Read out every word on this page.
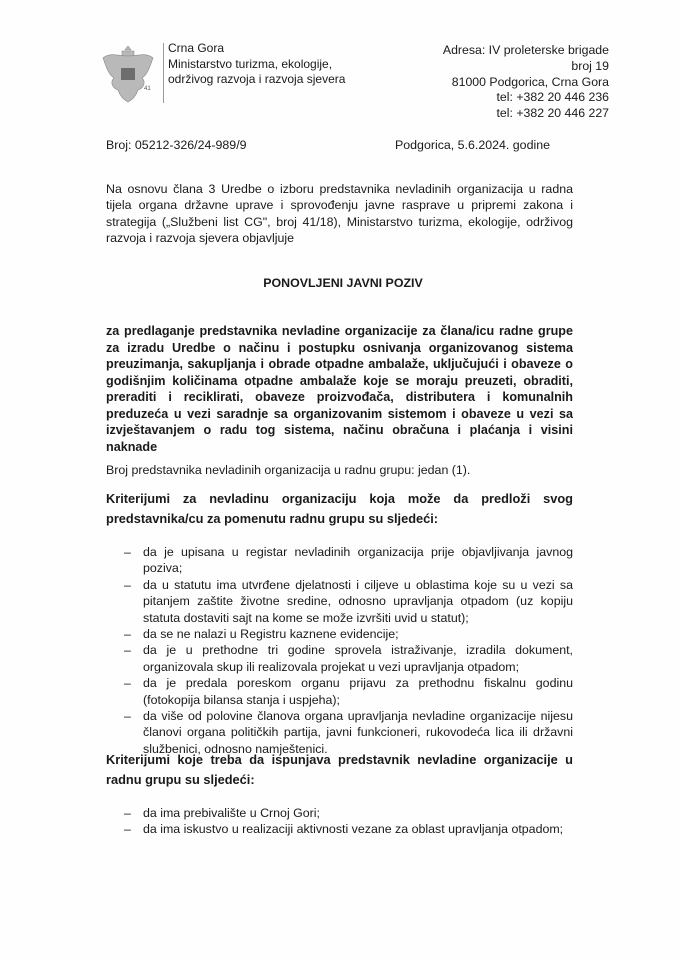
41
Crna Gora
Ministarstvo turizma, ekologije,
održivog razvoja i razvoja sjevera
Adresa: IV proleterske brigade
broj 19
81000 Podgorica, Crna Gora
tel: +382 20 446 236
tel: +382 20 446 227
Broj: 05212-326/24-989/9	Podgorica, 5.6.2024. godine
Na osnovu člana 3 Uredbe o izboru predstavnika nevladinih organizacija u radna tijela organa državne uprave i sprovođenju javne rasprave u pripremi zakona i strategija („Službeni list CG", broj 41/18), Ministarstvo turizma, ekologije, održivog razvoja i razvoja sjevera objavljuje
PONOVLJENI JAVNI POZIV
za predlaganje predstavnika nevladine organizacije za člana/icu radne grupe za izradu Uredbe o načinu i postupku osnivanja organizovanog sistema preuzimanja, sakupljanja i obrade otpadne ambalaže, uključujući i obaveze o godišnjim količinama otpadne ambalaže koje se moraju preuzeti, obraditi, preraditi i reciklirati, obaveze proizvođača, distributera i komunalnih preduzeća u vezi saradnje sa organizovanim sistemom i obaveze u vezi sa izvještavanjem o radu tog sistema, načinu obračuna i plaćanja i visini naknade
Broj predstavnika nevladinih organizacija u radnu grupu: jedan (1).
Kriterijumi za nevladinu organizaciju koja može da predloži svog predstavnika/cu za pomenutu radnu grupu su sljedeći:
– da je upisana u registar nevladinih organizacija prije objavljivanja javnog poziva;
– da u statutu ima utvrđene djelatnosti i ciljeve u oblastima koje su u vezi sa pitanjem zaštite životne sredine, odnosno upravljanja otpadom (uz kopiju statuta dostaviti sajt na kome se može izvršiti uvid u statut);
– da se ne nalazi u Registru kaznene evidencije;
– da je u prethodne tri godine sprovela istraživanje, izradila dokument, organizovala skup ili realizovala projekat u vezi upravljanja otpadom;
– da je predala poreskom organu prijavu za prethodnu fiskalnu godinu (fotokopija bilansa stanja i uspjeha);
– da više od polovine članova organa upravljanja nevladine organizacije nijesu članovi organa političkih partija, javni funkcioneri, rukovodeća lica ili državni službenici, odnosno namještenici.
Kriterijumi koje treba da ispunjava predstavnik nevladine organizacije u radnu grupu su sljedeći:
– da ima prebivalište u Crnoj Gori;
– da ima iskustvo u realizaciji aktivnosti vezane za oblast upravljanja otpadom;
